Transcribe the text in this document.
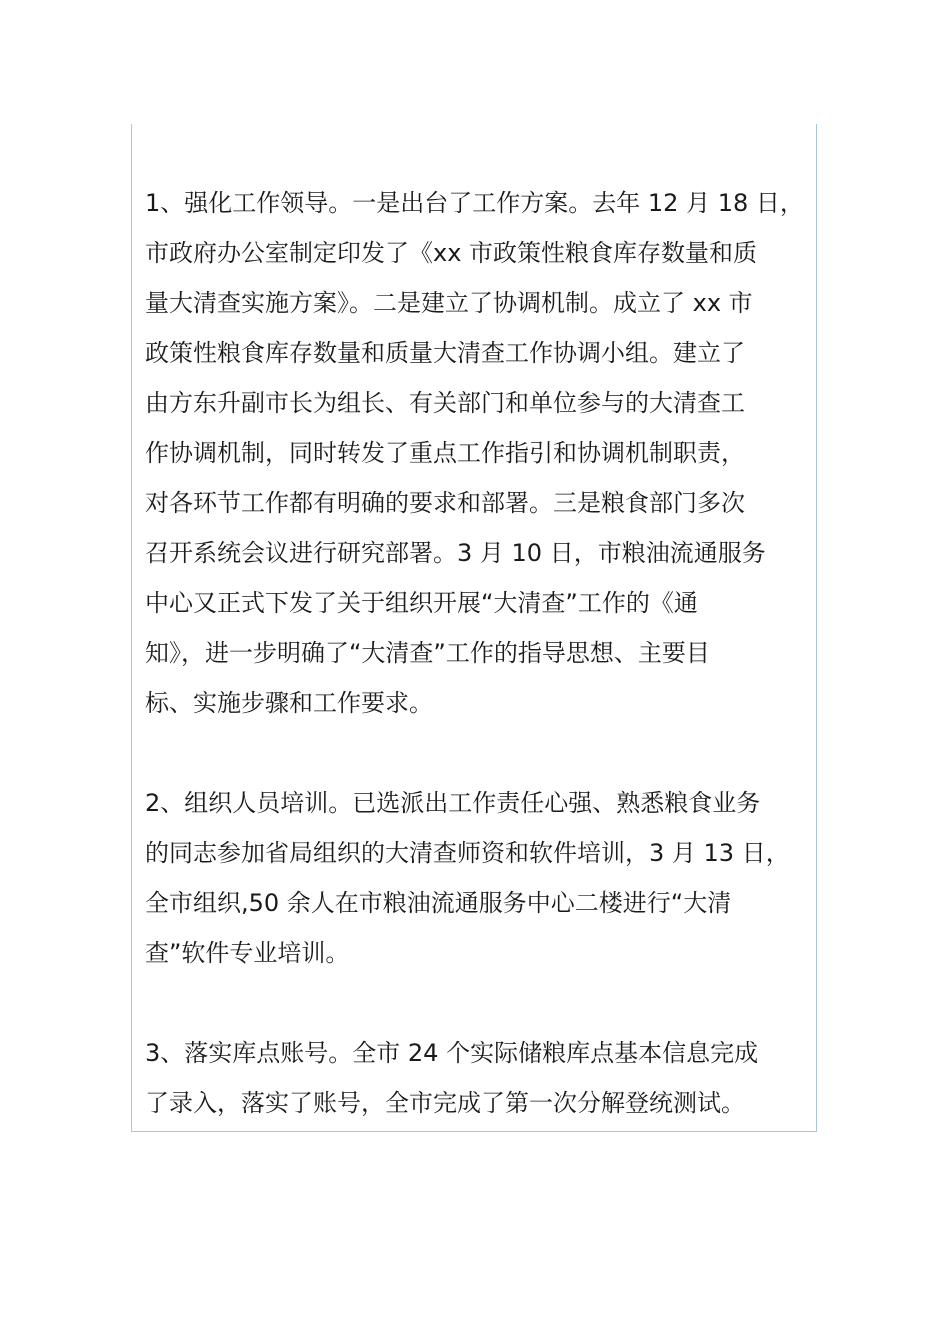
1、强化工作领导。一是出台了工作方案。去年 12 月 18 日，
市政府办公室制定印发了《xx 市政策性粮食库存数量和质
量大清查实施方案》。二是建立了协调机制。成立了 xx 市
政策性粮食库存数量和质量大清查工作协调小组。建立了
由方东升副市长为组长、有关部门和单位参与的大清查工
作协调机制，同时转发了重点工作指引和协调机制职责，
对各环节工作都有明确的要求和部署。三是粮食部门多次
召开系统会议进行研究部署。3 月 10 日，市粮油流通服务
中心又正式下发了关于组织开展“大清查”工作的《通
知》，进一步明确了“大清查”工作的指导思想、主要目
标、实施步骤和工作要求。
2、组织人员培训。已选派出工作责任心强、熟悉粮食业务
的同志参加省局组织的大清查师资和软件培训，3 月 13 日，
全市组织,50 余人在市粮油流通服务中心二楼进行“大清
查”软件专业培训。
3、落实库点账号。全市 24 个实际储粮库点基本信息完成
了录入，落实了账号，全市完成了第一次分解登统测试。
